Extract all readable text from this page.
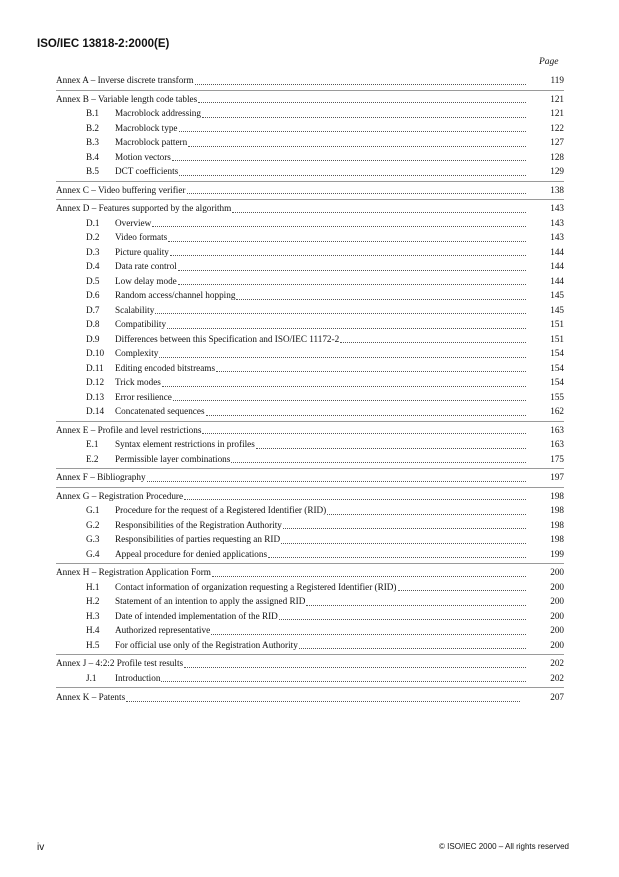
ISO/IEC 13818-2:2000(E)
Page
Annex A – Inverse discrete transform	119
Annex B – Variable length code tables	121
B.1	Macroblock addressing	121
B.2	Macroblock type	122
B.3	Macroblock pattern	127
B.4	Motion vectors	128
B.5	DCT coefficients	129
Annex C – Video buffering verifier	138
Annex D – Features supported by the algorithm	143
D.1	Overview	143
D.2	Video formats	143
D.3	Picture quality	144
D.4	Data rate control	144
D.5	Low delay mode	144
D.6	Random access/channel hopping	145
D.7	Scalability	145
D.8	Compatibility	151
D.9	Differences between this Specification and ISO/IEC 11172-2	151
D.10	Complexity	154
D.11	Editing encoded bitstreams	154
D.12	Trick modes	154
D.13	Error resilience	155
D.14	Concatenated sequences	162
Annex E – Profile and level restrictions	163
E.1	Syntax element restrictions in profiles	163
E.2	Permissible layer combinations	175
Annex F – Bibliography	197
Annex G – Registration Procedure	198
G.1	Procedure for the request of a Registered Identifier (RID)	198
G.2	Responsibilities of the Registration Authority	198
G.3	Responsibilities of parties requesting an RID	198
G.4	Appeal procedure for denied applications	199
Annex H – Registration Application Form	200
H.1	Contact information of organization requesting a Registered Identifier (RID)	200
H.2	Statement of an intention to apply the assigned RID	200
H.3	Date of intended implementation of the RID	200
H.4	Authorized representative	200
H.5	For official use only of the Registration Authority	200
Annex J – 4:2:2 Profile test results	202
J.1	Introduction	202
Annex K – Patents	207
iv	© ISO/IEC 2000 – All rights reserved
